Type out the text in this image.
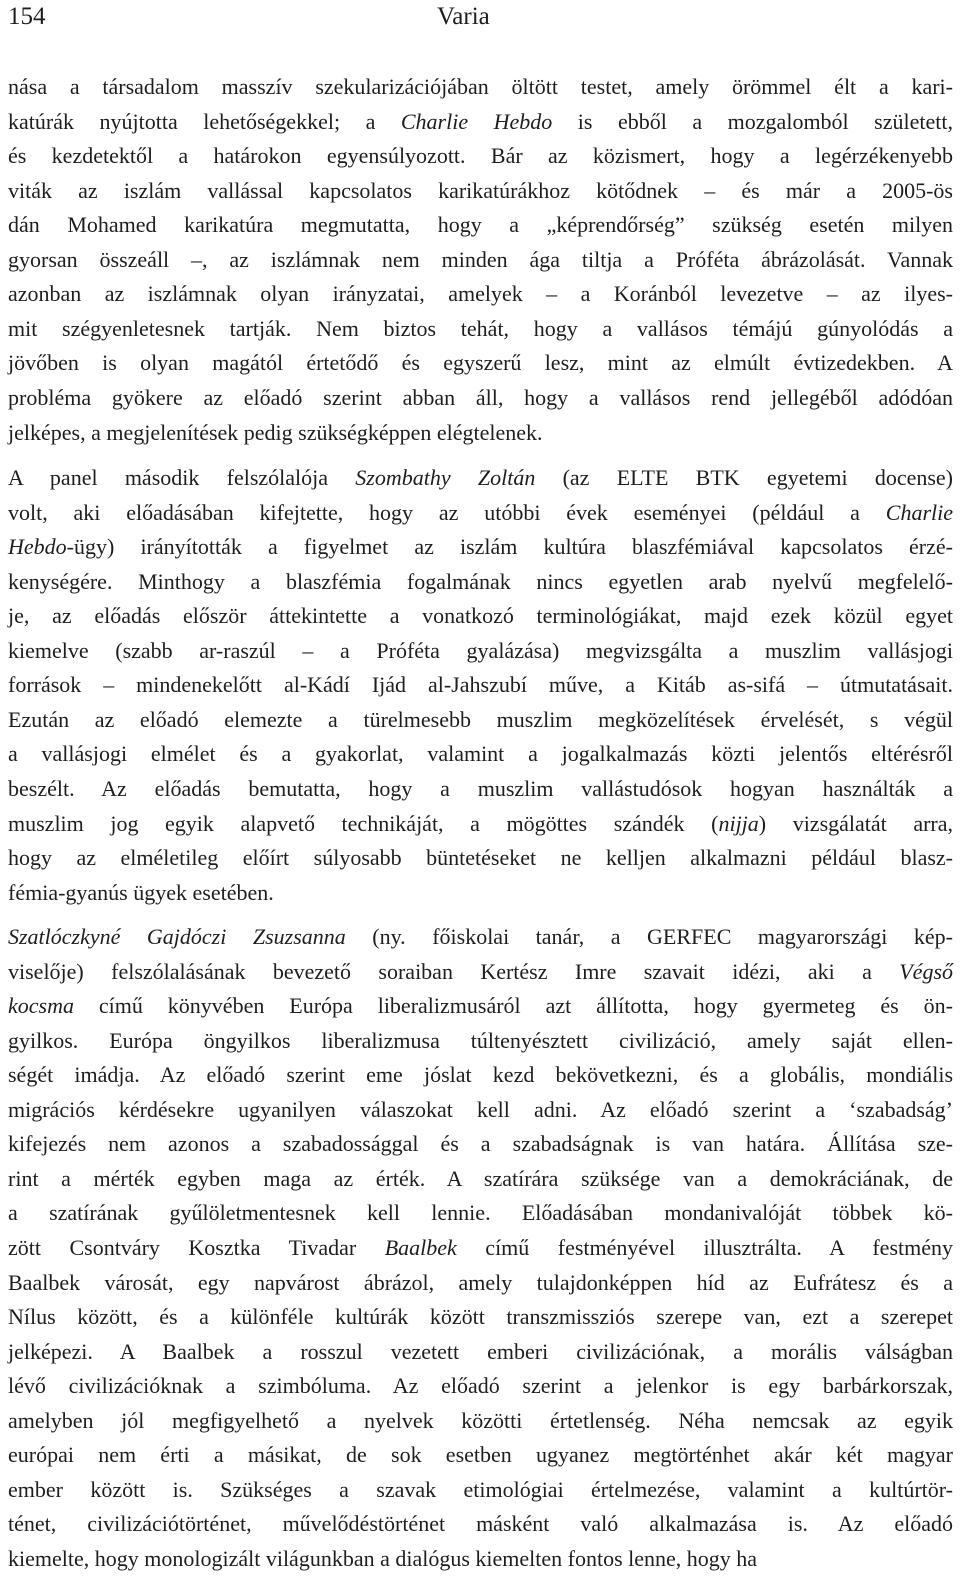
154	Varia
nása a társadalom masszív szekularizációjában öltött testet, amely örömmel élt a kari-
katúrák nyújtotta lehetőségekkel; a Charlie Hebdo is ebből a mozgalomból született,
és kezdetektől a határokon egyensúlyozott. Bár az közismert, hogy a legérzékenyebb
viták az iszlám vallással kapcsolatos karikatúrákhoz kötődnek – és már a 2005-ös
dán Mohamed karikatúra megmutatta, hogy a „képrendőrség” szükség esetén milyen
gyorsan összeáll –, az iszlámnak nem minden ága tiltja a Próféta ábrázolását. Vannak
azonban az iszlámnak olyan irányzatai, amelyek – a Koránból levezetve – az ilyes-
mit szégyenletesnek tartják. Nem biztos tehát, hogy a vallásos témájú gúnyolódás a
jövőben is olyan magától értetődő és egyszerű lesz, mint az elmúlt évtizedekben. A
probléma gyökere az előadó szerint abban áll, hogy a vallásos rend jellegéből adódóan
jelképes, a megjelenítések pedig szükségképpen elégtelenek.
A panel második felszólalója Szombathy Zoltán (az ELTE BTK egyetemi docense)
volt, aki előadásában kifejtette, hogy az utóbbi évek eseményei (például a Charlie
Hebdo-ügy) irányították a figyelmet az iszlám kultúra blaszfémiával kapcsolatos érzé-
kenységére. Minthogy a blaszfémia fogalmának nincs egyetlen arab nyelvű megfelelő-
je, az előadás először áttekintette a vonatkozó terminológiákat, majd ezek közül egyet
kiemelve (szabb ar-raszúl – a Próféta gyalázása) megvizsgálta a muszlim vallásjogi
források – mindenekelőtt al-Kádí Ijád al-Jahszubí műve, a Kitáb as-sifá – útmutatásait.
Ezután az előadó elemezte a türelmesebb muszlim megközelítések érvelését, s végül
a vallásjogi elmélet és a gyakorlat, valamint a jogalkalmazás közti jelentős eltérésről
beszélt. Az előadás bemutatta, hogy a muszlim vallástudósok hogyan használták a
muszlim jog egyik alapvető technikáját, a mögöttes szándék (nijja) vizsgálatát arra,
hogy az elméletileg előírt súlyosabb büntetéseket ne kelljen alkalmazni például blasz-
fémia-gyanús ügyek esetében.
Szatlóczkyné Gajdóczi Zsuzsanna (ny. főiskolai tanár, a GERFEC magyarországi kép-
viselője) felszólalásának bevezető soraiban Kertész Imre szavait idézi, aki a Végső
kocsma című könyvében Európa liberalizmusáról azt állította, hogy gyermeteg és ön-
gyilkos. Európa öngyilkos liberalizmusa túltenyésztett civilizáció, amely saját ellen-
ségét imádja. Az előadó szerint eme jóslat kezd bekövetkezni, és a globális, mondiális
migrációs kérdésekre ugyanilyen válaszokat kell adni. Az előadó szerint a ‘szabadság’
kifejezés nem azonos a szabadossággal és a szabadságnak is van határa. Állítása sze-
rint a mérték egyben maga az érték. A szatírára szüksége van a demokráciának, de
a szatírának gyűlöletmentesnek kell lennie. Előadásában mondanivalóját többek kö-
zött Csontváry Kosztka Tivadar Baalbek című festményével illusztrálta. A festmény
Baalbek városát, egy napvárost ábrázol, amely tulajdonképpen híd az Eufrátesz és a
Nílus között, és a különféle kultúrák között transzmissziós szerepe van, ezt a szerepet
jelképezi. A Baalbek a rosszul vezetett emberi civilizációnak, a morális válságban
lévő civilizációknak a szimbóluma. Az előadó szerint a jelenkor is egy barbárkorszak,
amelyben jól megfigyelhető a nyelvek közötti értetlenség. Néha nemcsak az egyik
európai nem érti a másikat, de sok esetben ugyanez megtörténhet akár két magyar
ember között is. Szükséges a szavak etimológiai értelmezése, valamint a kultúrtör-
ténet, civilizációtörténet, művelődéstörténet másként való alkalmazása is. Az előadó
kiemelte, hogy monologizált világunkban a dialógus kiemelten fontos lenne, hogy ha
